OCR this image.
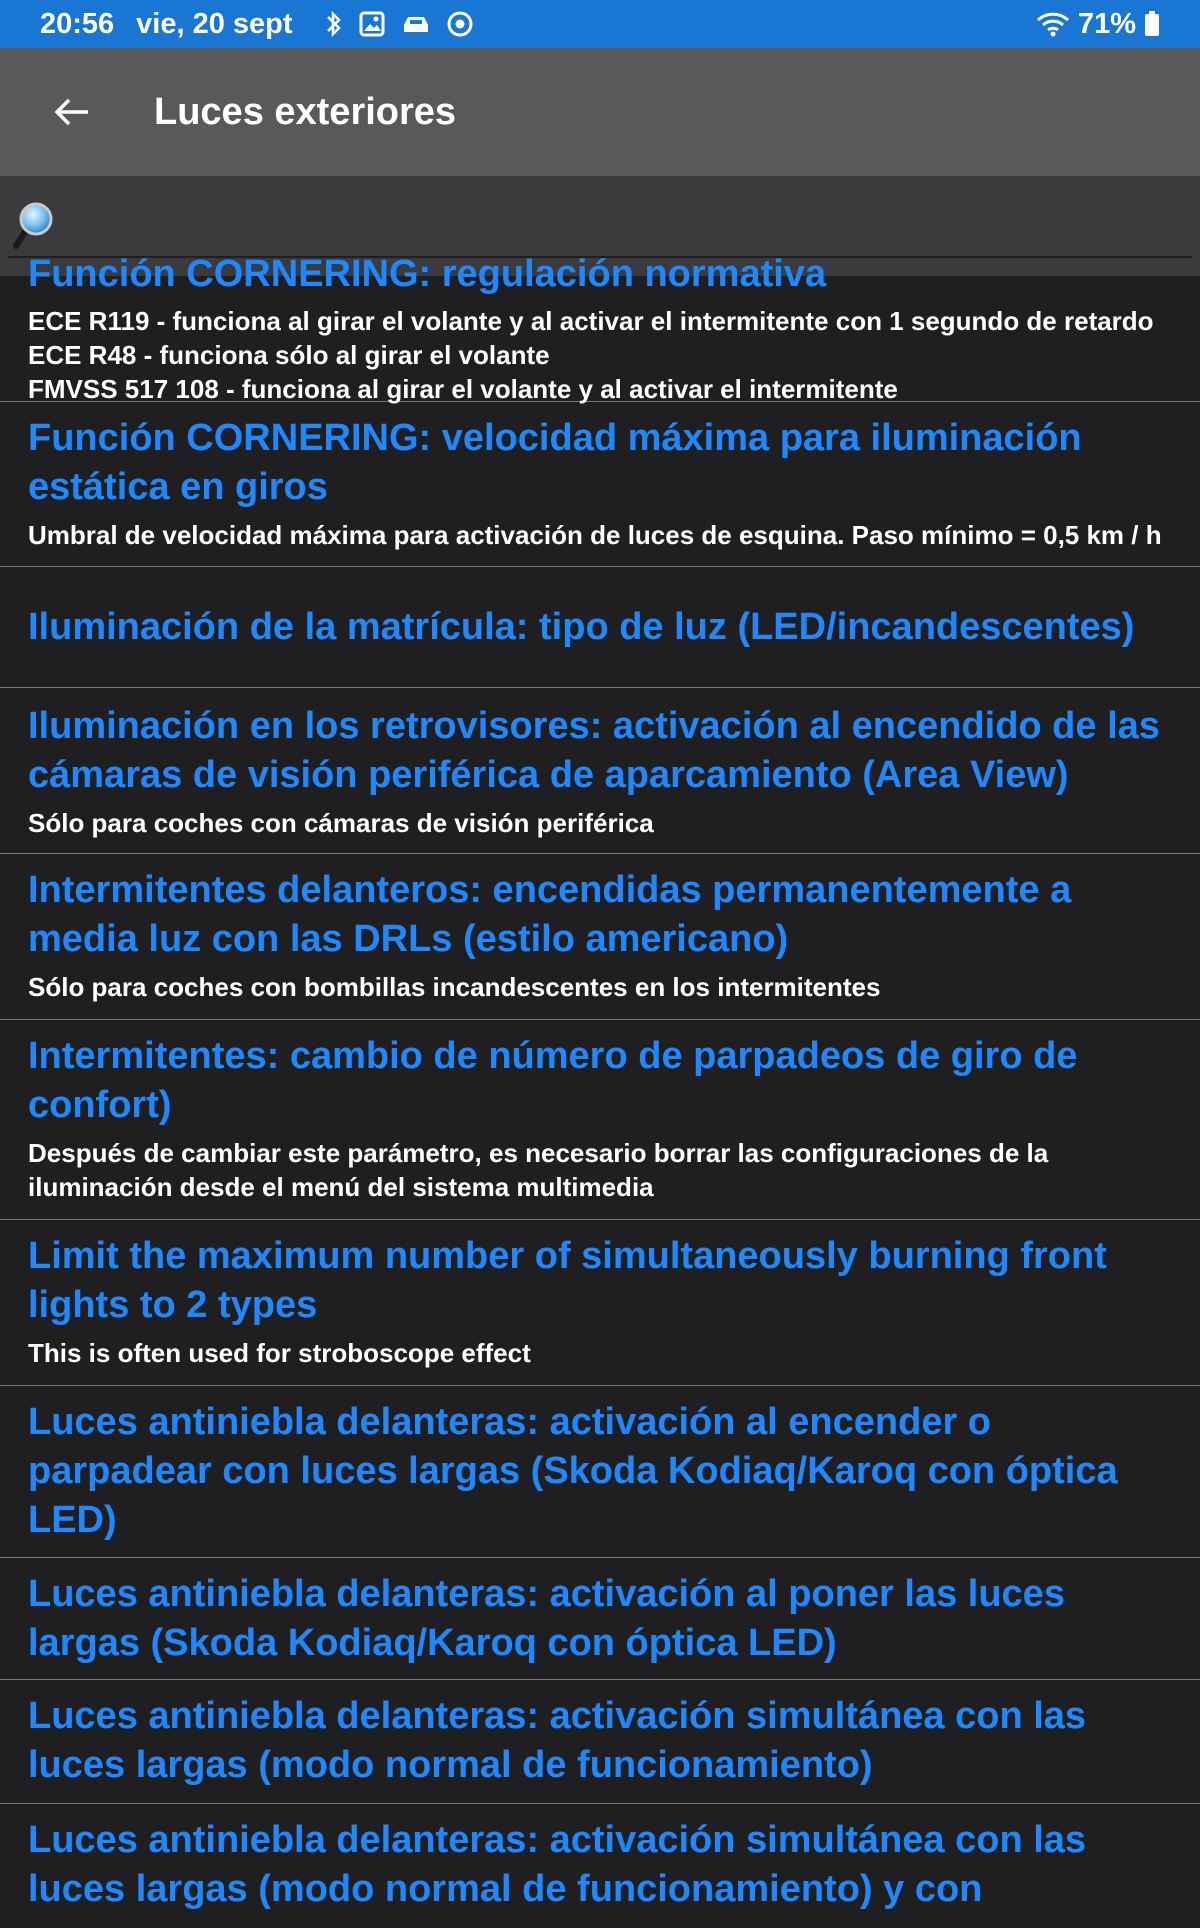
20:56 vie, 20 sept	71%
Luces exteriores
Función CORNERING: regulación normativa
ECE R119 - funciona al girar el volante y al activar el intermitente con 1 segundo de retardo
ECE R48 - funciona sólo al girar el volante
FMVSS 517 108 - funciona al girar el volante y al activar el intermitente
Función CORNERING: velocidad máxima para iluminación estática en giros
Umbral de velocidad máxima para activación de luces de esquina. Paso mínimo = 0,5 km / h
Iluminación de la matrícula: tipo de luz (LED/incandescentes)
Iluminación en los retrovisores: activación al encendido de las cámaras de visión periférica de aparcamiento (Area View)
Sólo para coches con cámaras de visión periférica
Intermitentes delanteros: encendidas permanentemente a media luz con las DRLs (estilo americano)
Sólo para coches con bombillas incandescentes en los intermitentes
Intermitentes: cambio de número de parpadeos de giro de confort)
Después de cambiar este parámetro, es necesario borrar las configuraciones de la iluminación desde el menú del sistema multimedia
Limit the maximum number of simultaneously burning front lights to 2 types
This is often used for stroboscope effect
Luces antiniebla delanteras: activación al encender o parpadear con luces largas (Skoda Kodiaq/Karoq con óptica LED)
Luces antiniebla delanteras: activación al poner las luces largas (Skoda Kodiaq/Karoq con óptica LED)
Luces antiniebla delanteras: activación simultánea con las luces largas (modo normal de funcionamiento)
Luces antiniebla delanteras: activación simultánea con las luces largas (modo normal de funcionamiento) y con
